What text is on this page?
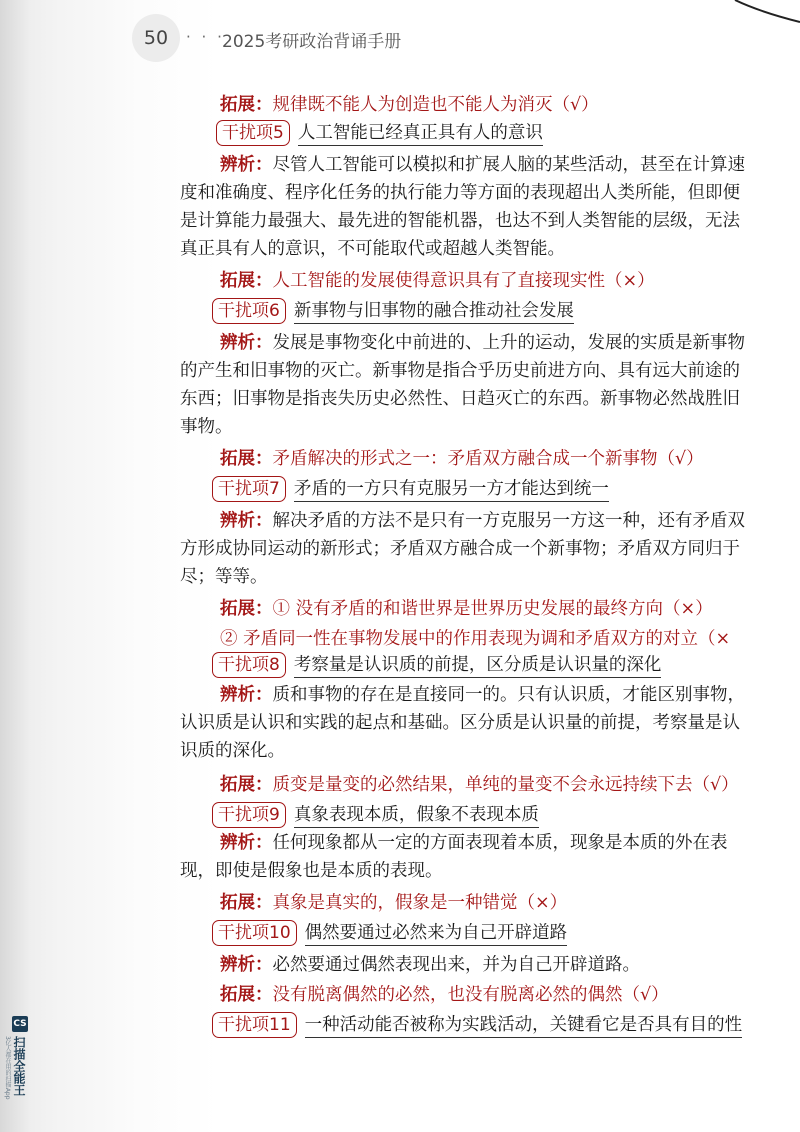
50	· · ·
2025考研政治背诵手册
拓展：规律既不能人为创造也不能人为消灭（√）
干扰项5 人工智能已经真正具有人的意识
辨析：尽管人工智能可以模拟和扩展人脑的某些活动，甚至在计算速
度和准确度、程序化任务的执行能力等方面的表现超出人类所能，但即便
是计算能力最强大、最先进的智能机器，也达不到人类智能的层级，无法
真正具有人的意识，不可能取代或超越人类智能。
拓展：人工智能的发展使得意识具有了直接现实性（×）
干扰项6 新事物与旧事物的融合推动社会发展
辨析：发展是事物变化中前进的、上升的运动，发展的实质是新事物
的产生和旧事物的灭亡。新事物是指合乎历史前进方向、具有远大前途的
东西；旧事物是指丧失历史必然性、日趋灭亡的东西。新事物必然战胜旧
事物。
拓展：矛盾解决的形式之一：矛盾双方融合成一个新事物（√）
干扰项7 矛盾的一方只有克服另一方才能达到统一
辨析：解决矛盾的方法不是只有一方克服另一方这一种，还有矛盾双
方形成协同运动的新形式；矛盾双方融合成一个新事物；矛盾双方同归于
尽；等等。
拓展：① 没有矛盾的和谐世界是世界历史发展的最终方向（×）
② 矛盾同一性在事物发展中的作用表现为调和矛盾双方的对立（×
干扰项8 考察量是认识质的前提，区分质是认识量的深化
辨析：质和事物的存在是直接同一的。只有认识质，才能区别事物，
认识质是认识和实践的起点和基础。区分质是认识量的前提，考察量是认
识质的深化。
拓展：质变是量变的必然结果，单纯的量变不会永远持续下去（√）
干扰项9 真象表现本质，假象不表现本质
辨析：任何现象都从一定的方面表现着本质，现象是本质的外在表
现，即使是假象也是本质的表现。
拓展：真象是真实的，假象是一种错觉（×）
干扰项10 偶然要通过必然来为自己开辟道路
辨析：必然要通过偶然表现出来，并为自己开辟道路。
拓展：没有脱离偶然的必然，也没有脱离必然的偶然（√）
干扰项11 一种活动能否被称为实践活动，关键看它是否具有目的性
CS
扫描全能王
3亿人都在用的扫描App
